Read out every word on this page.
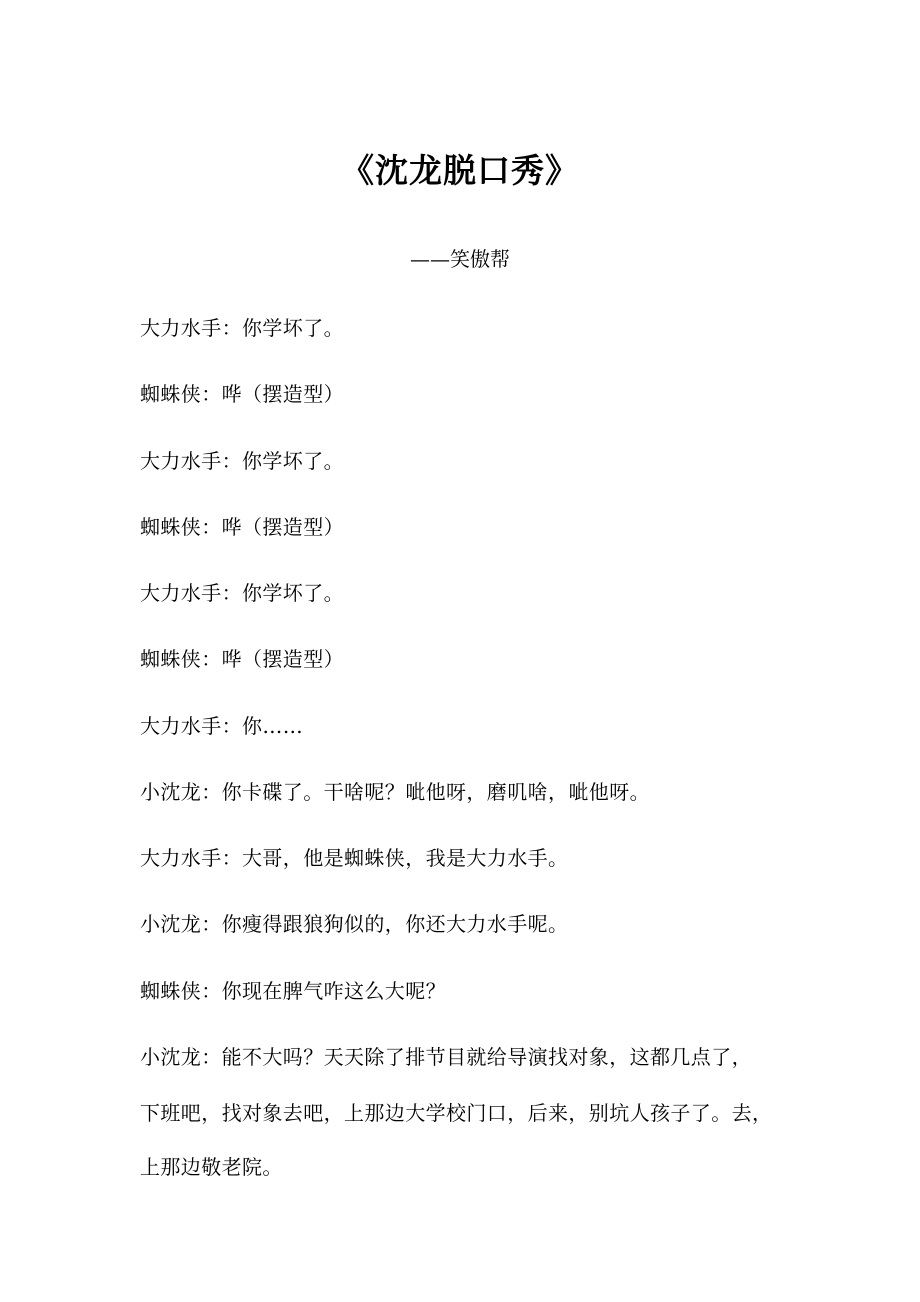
《沈龙脱口秀》
——笑傲帮
大力水手：你学坏了。
蜘蛛侠：哗（摆造型）
大力水手：你学坏了。
蜘蛛侠：哗（摆造型）
大力水手：你学坏了。
蜘蛛侠：哗（摆造型）
大力水手：你……
小沈龙：你卡碟了。干啥呢？呲他呀，磨叽啥，呲他呀。
大力水手：大哥，他是蜘蛛侠，我是大力水手。
小沈龙：你瘦得跟狼狗似的，你还大力水手呢。
蜘蛛侠：你现在脾气咋这么大呢？
小沈龙：能不大吗？天天除了排节目就给导演找对象，这都几点了，
下班吧，找对象去吧，上那边大学校门口，后来，别坑人孩子了。去，
上那边敬老院。
